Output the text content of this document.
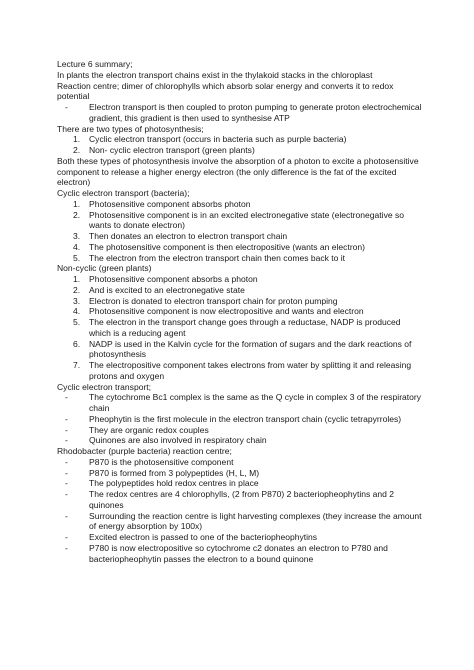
Lecture 6 summary;

In plants the electron transport chains exist in the thylakoid stacks in the chloroplast

Reaction centre; dimer of chlorophylls which absorb solar energy and converts it to redox potential

-	Electron transport is then coupled to proton pumping to generate proton electrochemical gradient, this gradient is then used to synthesise ATP

There are two types of photosynthesis;

1.	Cyclic electron transport (occurs in bacteria such as purple bacteria)
2.	Non- cyclic electron transport (green plants)

Both these types of photosynthesis involve the absorption of a photon to excite a photosensitive component to release a higher energy electron (the only difference is the fat of the excited electron)

Cyclic electron transport (bacteria);

1.	Photosensitive component absorbs photon
2.	Photosensitive component is in an excited electronegative state (electronegative so wants to donate electron)
3.	Then donates an electron to electron transport chain
4.	The photosensitive component is then electropositive (wants an electron)
5.	The electron from the electron transport chain then comes back to it

Non-cyclic (green plants)

1.	Photosensitive component absorbs a photon
2.	And is excited to an electronegative state
3.	Electron is donated to electron transport chain for proton pumping
4.	Photosensitive component is now electropositive and wants and electron
5.	The electron in the transport change goes through a reductase, NADP is produced which is a reducing agent
6.	NADP is used in the Kalvin cycle for the formation of sugars and the dark reactions of photosynthesis
7.	The electropositive component takes electrons from water by splitting it and releasing protons and oxygen

Cyclic electron transport;

-	The cytochrome Bc1 complex is the same as the Q cycle in complex 3 of the respiratory chain
-	Pheophytin is the first molecule in the electron transport chain (cyclic tetrapyrroles)
-	They are organic redox couples
-	Quinones are also involved in respiratory chain

Rhodobacter (purple bacteria) reaction centre;

-	P870 is the photosensitive component
-	P870 is formed from 3 polypeptides (H, L, M)
-	The polypeptides hold redox centres in place
-	The redox centres are 4 chlorophylls, (2 from P870) 2 bacteriopheophytins and 2 quinones
-	Surrounding the reaction centre is light harvesting complexes (they increase the amount of energy absorption by 100x)
-	Excited electron is passed to one of the bacteriopheophytins
-	P780 is now electropositive so cytochrome c2 donates an electron to P780 and bacteriopheophytin passes the electron to a bound quinone
